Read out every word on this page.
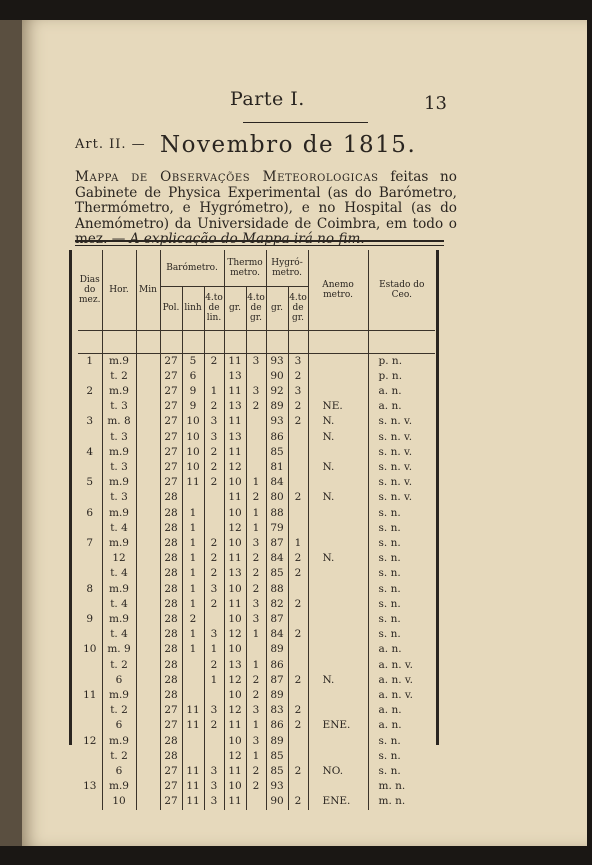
Parte I.	13
Art. II. — Novembro de 1815.
Mappa de Observações Meteorologicas feitas no Gabinete de Physica Experimental (as do Barómetro, Thermómetro, e Hygrómetro), e no Hospital (as do Anemómetro) da Universidade de Coimbra, em todo o mez. — A explicação do Mappa irá no fim.
Dias do mez.	Hor.	Min	Barómetro.			Thermo metro.		Hygró-metro.		Anemo metro.	Estado do Ceo.
			Pol.	linh	4.to de lin.	gr.	4.to de gr.	gr.	4.to de gr.		

1	m.9		27	5	2	11	3	93	3		p. n.
	t. 2		27	6		13		90	2		p. n.
2	m.9		27	9	1	11	3	92	3		a. n.
	t. 3		27	9	2	13	2	89	2	NE.	a. n.
3	m. 8		27	10	3	11		93	2	N.	s. n. v.
	t. 3		27	10	3	13		86		N.	s. n. v.
4	m.9		27	10	2	11		85			s. n. v.
	t. 3		27	10	2	12		81		N.	s. n. v.
5	m.9		27	11	2	10	1	84			s. n. v.
	t. 3		28			11	2	80	2	N.	s. n. v.
6	m.9		28	1		10	1	88			s. n.
	t. 4		28	1		12	1	79			s. n.
7	m.9		28	1	2	10	3	87	1		s. n.
	12		28	1	2	11	2	84	2	N.	s. n.
	t. 4		28	1	2	13	2	85	2		s. n.
8	m.9		28	1	3	10	2	88			s. n.
	t. 4		28	1	2	11	3	82	2		s. n.
9	m.9		28	2		10	3	87			s. n.
	t. 4		28	1	3	12	1	84	2		s. n.
10	m. 9		28	1	1	10		89			a. n.
	t. 2		28		2	13	1	86			a. n. v.
	6		28		1	12	2	87	2	N.	a. n. v.
11	m.9		28			10	2	89			a. n. v.
	t. 2		27	11	3	12	3	83	2		a. n.
	6		27	11	2	11	1	86	2	ENE.	a. n.
12	m.9		28			10	3	89			s. n.
	t. 2		28			12	1	85			s. n.
	6		27	11	3	11	2	85	2	NO.	s. n.
13	m.9		27	11	3	10	2	93			m. n.
	10		27	11	3	11		90	2	ENE.	m. n.
